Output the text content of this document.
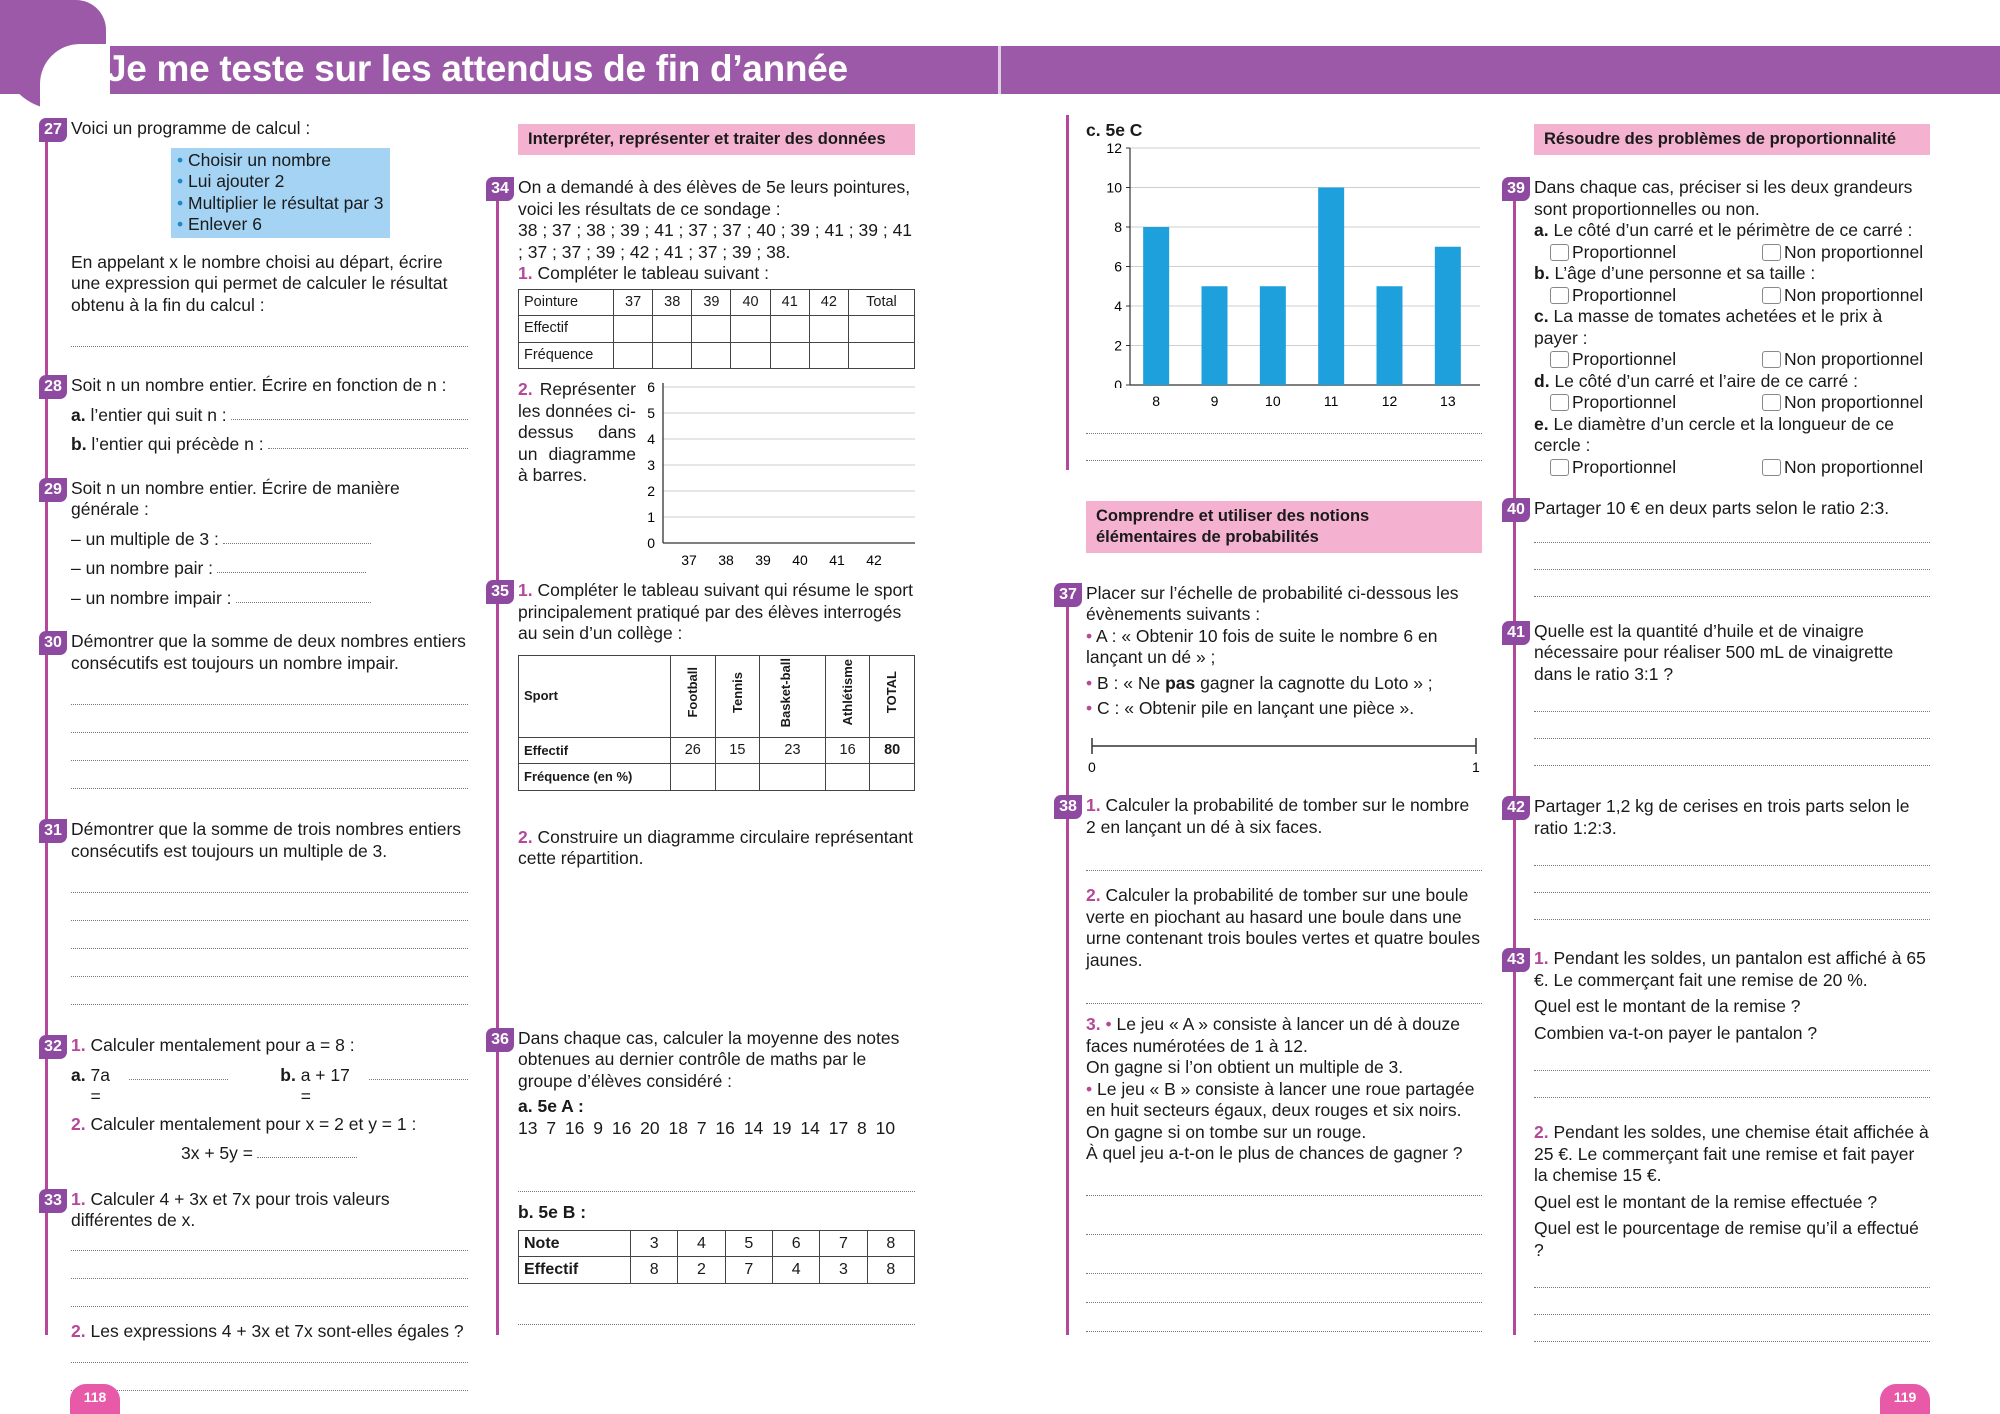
Je me teste sur les attendus de fin d’année
27 Voici un programme de calcul :
• Choisir un nombre
• Lui ajouter 2
• Multiplier le résultat par 3
• Enlever 6
En appelant x le nombre choisi au départ, écrire une expression qui permet de calculer le résultat obtenu à la fin du calcul :
28 Soit n un nombre entier. Écrire en fonction de n :
a. l’entier qui suit n :
b. l’entier qui précède n :
29 Soit n un nombre entier. Écrire de manière générale :
– un multiple de 3 :
– un nombre pair :
– un nombre impair :
30 Démontrer que la somme de deux nombres entiers consécutifs est toujours un nombre impair.
31 Démontrer que la somme de trois nombres entiers consécutifs est toujours un multiple de 3.
32 1. Calculer mentalement pour a = 8 :
a. 7a =
b. a + 17 =
2. Calculer mentalement pour x = 2 et y = 1 :
3x + 5y =
33 1. Calculer 4 + 3x et 7x pour trois valeurs différentes de x.
2. Les expressions 4 + 3x et 7x sont-elles égales ?
Interpréter, représenter et traiter des données
34 On a demandé à des élèves de 5e leurs pointures, voici les résultats de ce sondage :
38 ; 37 ; 38 ; 39 ; 41 ; 37 ; 37 ; 40 ; 39 ; 41 ; 39 ; 41 ; 37 ; 37 ; 39 ; 42 ; 41 ; 37 ; 39 ; 38.
1. Compléter le tableau suivant :
Pointure	37	38	39	40	41	42	Total
Effectif							
Fréquence							
2. Représenter les données ci-dessus dans un diagramme à barres.
0
1
2
3
4
5
6
37 38 39 40 41 42
35 1. Compléter le tableau suivant qui résume le sport principalement pratiqué par des élèves interrogés au sein d’un collège :
Sport	Football	Tennis	Basket-ball	Athlétisme	TOTAL
Effectif	26	15	23	16	80
Fréquence (en %)					
2. Construire un diagramme circulaire représentant cette répartition.
36 Dans chaque cas, calculer la moyenne des notes obtenues au dernier contrôle de maths par le groupe d’élèves considéré :
a. 5e A :
13 7 16 9 16 20 18 7 16 14 19 14 17 8 10
b. 5e B :
Note	3	4	5	6	7	8
Effectif	8	2	7	4	3	8
c. 5e C
0
2
4
6
8
10
12

8	9	10	11	12	13
Comprendre et utiliser des notions élémentaires de probabilités
37 Placer sur l’échelle de probabilité ci-dessous les évènements suivants :
• A : « Obtenir 10 fois de suite le nombre 6 en lançant un dé » ;
• B : « Ne pas gagner la cagnotte du Loto » ;
• C : « Obtenir pile en lançant une pièce ».
0	1
38 1. Calculer la probabilité de tomber sur le nombre 2 en lançant un dé à six faces.
2. Calculer la probabilité de tomber sur une boule verte en piochant au hasard une boule dans une urne contenant trois boules vertes et quatre boules jaunes.
3. • Le jeu « A » consiste à lancer un dé à douze faces numérotées de 1 à 12.
On gagne si l’on obtient un multiple de 3.
• Le jeu « B » consiste à lancer une roue partagée en huit secteurs égaux, deux rouges et six noirs.
On gagne si on tombe sur un rouge.
À quel jeu a-t-on le plus de chances de gagner ?
Résoudre des problèmes de proportionnalité
39 Dans chaque cas, préciser si les deux grandeurs sont proportionnelles ou non.
a. Le côté d’un carré et le périmètre de ce carré :
Proportionnel	Non proportionnel
b. L’âge d’une personne et sa taille :
Proportionnel	Non proportionnel
c. La masse de tomates achetées et le prix à payer :
Proportionnel	Non proportionnel
d. Le côté d’un carré et l’aire de ce carré :
Proportionnel	Non proportionnel
e. Le diamètre d’un cercle et la longueur de ce cercle :
Proportionnel	Non proportionnel
40 Partager 10 € en deux parts selon le ratio 2:3.
41 Quelle est la quantité d’huile et de vinaigre nécessaire pour réaliser 500 mL de vinaigrette dans le ratio 3:1 ?
42 Partager 1,2 kg de cerises en trois parts selon le ratio 1:2:3.
43 1. Pendant les soldes, un pantalon est affiché à 65 €. Le commerçant fait une remise de 20 %.
Quel est le montant de la remise ?
Combien va-t-on payer le pantalon ?
2. Pendant les soldes, une chemise était affichée à 25 €. Le commerçant fait une remise et fait payer la chemise 15 €.
Quel est le montant de la remise effectuée ?
Quel est le pourcentage de remise qu’il a effectué ?
118	119
